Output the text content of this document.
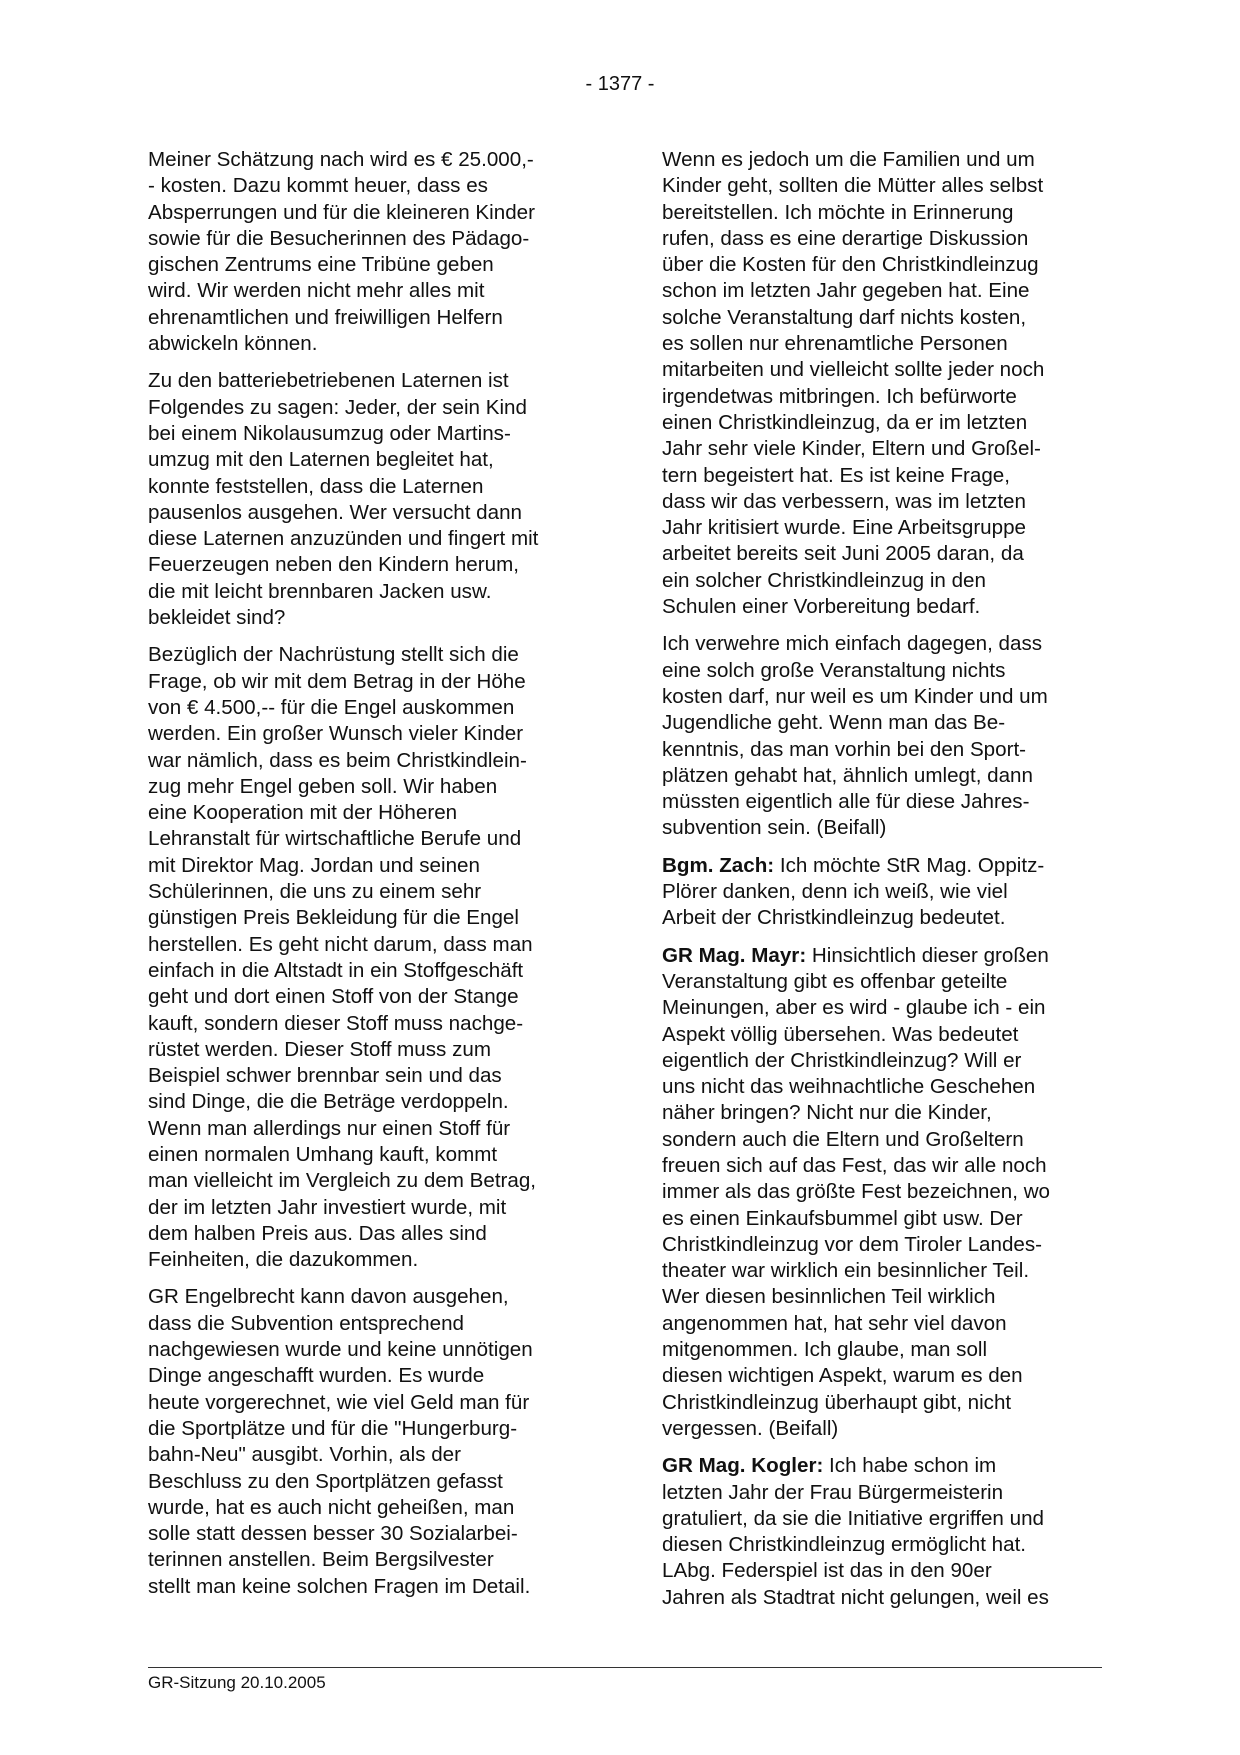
- 1377 -
Meiner Schätzung nach wird es € 25.000,-
- kosten. Dazu kommt heuer, dass es
Absperrungen und für die kleineren Kinder
sowie für die Besucherinnen des Pädago-
gischen Zentrums eine Tribüne geben
wird. Wir werden nicht mehr alles mit
ehrenamtlichen und freiwilligen Helfern
abwickeln können.
Zu den batteriebetriebenen Laternen ist
Folgendes zu sagen: Jeder, der sein Kind
bei einem Nikolausumzug oder Martins-
umzug mit den Laternen begleitet hat,
konnte feststellen, dass die Laternen
pausenlos ausgehen. Wer versucht dann
diese Laternen anzuzünden und fingert mit
Feuerzeugen neben den Kindern herum,
die mit leicht brennbaren Jacken usw.
bekleidet sind?
Bezüglich der Nachrüstung stellt sich die
Frage, ob wir mit dem Betrag in der Höhe
von € 4.500,-- für die Engel auskommen
werden. Ein großer Wunsch vieler Kinder
war nämlich, dass es beim Christkindlein-
zug mehr Engel geben soll. Wir haben
eine Kooperation mit der Höheren
Lehranstalt für wirtschaftliche Berufe und
mit Direktor Mag. Jordan und seinen
Schülerinnen, die uns zu einem sehr
günstigen Preis Bekleidung für die Engel
herstellen. Es geht nicht darum, dass man
einfach in die Altstadt in ein Stoffgeschäft
geht und dort einen Stoff von der Stange
kauft, sondern dieser Stoff muss nachge-
rüstet werden. Dieser Stoff muss zum
Beispiel schwer brennbar sein und das
sind Dinge, die die Beträge verdoppeln.
Wenn man allerdings nur einen Stoff für
einen normalen Umhang kauft, kommt
man vielleicht im Vergleich zu dem Betrag,
der im letzten Jahr investiert wurde, mit
dem halben Preis aus. Das alles sind
Feinheiten, die dazukommen.
GR Engelbrecht kann davon ausgehen,
dass die Subvention entsprechend
nachgewiesen wurde und keine unnötigen
Dinge angeschafft wurden. Es wurde
heute vorgerechnet, wie viel Geld man für
die Sportplätze und für die "Hungerburg-
bahn-Neu" ausgibt. Vorhin, als der
Beschluss zu den Sportplätzen gefasst
wurde, hat es auch nicht geheißen, man
solle statt dessen besser 30 Sozialarbei-
terinnen anstellen. Beim Bergsilvester
stellt man keine solchen Fragen im Detail.
Wenn es jedoch um die Familien und um
Kinder geht, sollten die Mütter alles selbst
bereitstellen. Ich möchte in Erinnerung
rufen, dass es eine derartige Diskussion
über die Kosten für den Christkindleinzug
schon im letzten Jahr gegeben hat. Eine
solche Veranstaltung darf nichts kosten,
es sollen nur ehrenamtliche Personen
mitarbeiten und vielleicht sollte jeder noch
irgendetwas mitbringen. Ich befürworte
einen Christkindleinzug, da er im letzten
Jahr sehr viele Kinder, Eltern und Großel-
tern begeistert hat. Es ist keine Frage,
dass wir das verbessern, was im letzten
Jahr kritisiert wurde. Eine Arbeitsgruppe
arbeitet bereits seit Juni 2005 daran, da
ein solcher Christkindleinzug in den
Schulen einer Vorbereitung bedarf.
Ich verwehre mich einfach dagegen, dass
eine solch große Veranstaltung nichts
kosten darf, nur weil es um Kinder und um
Jugendliche geht. Wenn man das Be-
kenntnis, das man vorhin bei den Sport-
plätzen gehabt hat, ähnlich umlegt, dann
müssten eigentlich alle für diese Jahres-
subvention sein. (Beifall)
Bgm. Zach: Ich möchte StR Mag. Oppitz-
Plörer danken, denn ich weiß, wie viel
Arbeit der Christkindleinzug bedeutet.
GR Mag. Mayr: Hinsichtlich dieser großen
Veranstaltung gibt es offenbar geteilte
Meinungen, aber es wird - glaube ich - ein
Aspekt völlig übersehen. Was bedeutet
eigentlich der Christkindleinzug? Will er
uns nicht das weihnachtliche Geschehen
näher bringen? Nicht nur die Kinder,
sondern auch die Eltern und Großeltern
freuen sich auf das Fest, das wir alle noch
immer als das größte Fest bezeichnen, wo
es einen Einkaufsbummel gibt usw. Der
Christkindleinzug vor dem Tiroler Landes-
theater war wirklich ein besinnlicher Teil.
Wer diesen besinnlichen Teil wirklich
angenommen hat, hat sehr viel davon
mitgenommen. Ich glaube, man soll
diesen wichtigen Aspekt, warum es den
Christkindleinzug überhaupt gibt, nicht
vergessen. (Beifall)
GR Mag. Kogler: Ich habe schon im
letzten Jahr der Frau Bürgermeisterin
gratuliert, da sie die Initiative ergriffen und
diesen Christkindleinzug ermöglicht hat.
LAbg. Federspiel ist das in den 90er
Jahren als Stadtrat nicht gelungen, weil es
GR-Sitzung 20.10.2005
